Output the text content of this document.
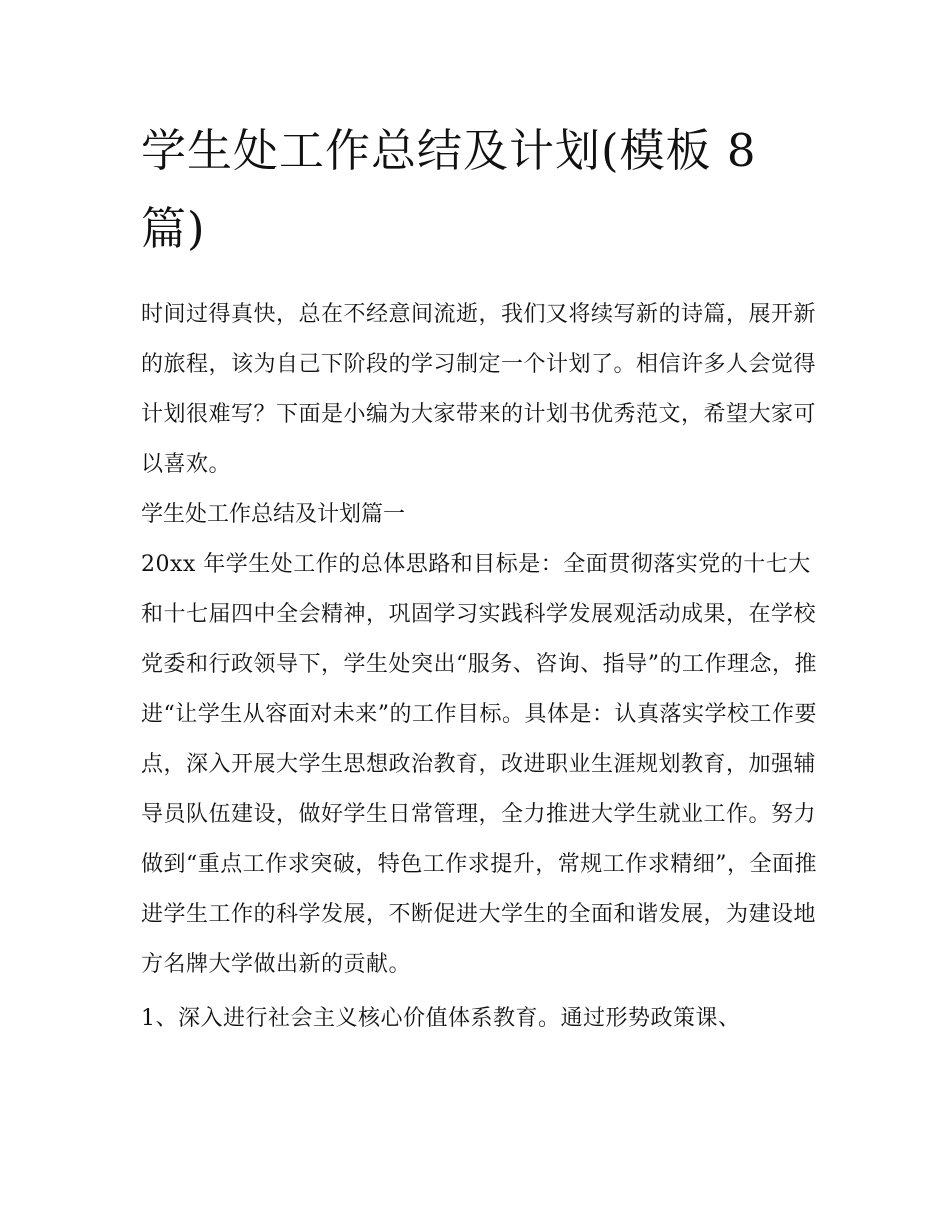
学生处工作总结及计划(模板 8 篇)

时间过得真快，总在不经意间流逝，我们又将续写新的诗篇，展开新的旅程，该为自己下阶段的学习制定一个计划了。相信许多人会觉得计划很难写？下面是小编为大家带来的计划书优秀范文，希望大家可以喜欢。

学生处工作总结及计划篇一

20xx 年学生处工作的总体思路和目标是：全面贯彻落实党的十七大和十七届四中全会精神，巩固学习实践科学发展观活动成果，在学校党委和行政领导下，学生处突出“服务、咨询、指导”的工作理念，推进“让学生从容面对未来”的工作目标。具体是：认真落实学校工作要点，深入开展大学生思想政治教育，改进职业生涯规划教育，加强辅导员队伍建设，做好学生日常管理，全力推进大学生就业工作。努力做到“重点工作求突破，特色工作求提升，常规工作求精细”，全面推进学生工作的科学发展，不断促进大学生的全面和谐发展，为建设地方名牌大学做出新的贡献。

1、深入进行社会主义核心价值体系教育。通过形势政策课、
